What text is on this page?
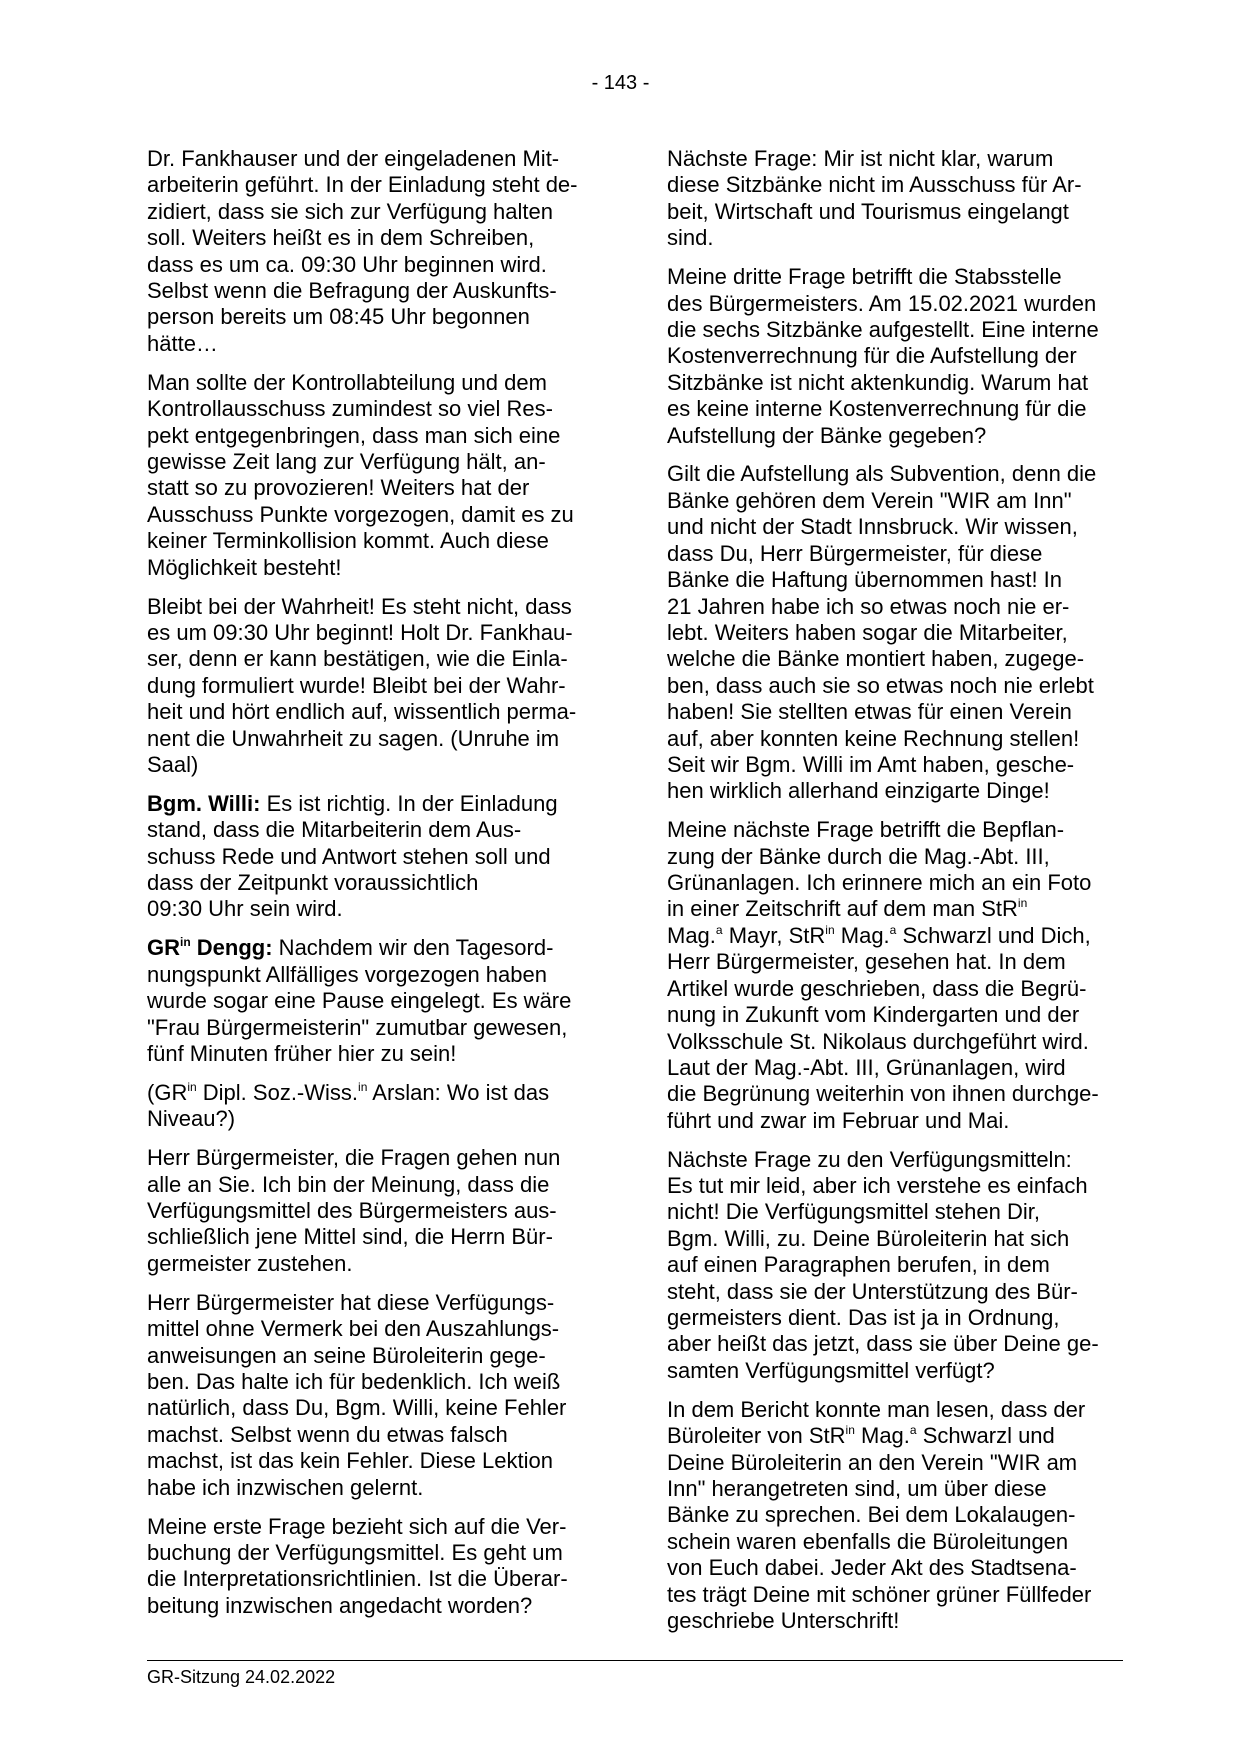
- 143 -

Dr. Fankhauser und der eingeladenen Mit-
arbeiterin geführt. In der Einladung steht de-
zidiert, dass sie sich zur Verfügung halten
soll. Weiters heißt es in dem Schreiben,
dass es um ca. 09:30 Uhr beginnen wird.
Selbst wenn die Befragung der Auskunfts-
person bereits um 08:45 Uhr begonnen
hätte…

Man sollte der Kontrollabteilung und dem
Kontrollausschuss zumindest so viel Res-
pekt entgegenbringen, dass man sich eine
gewisse Zeit lang zur Verfügung hält, an-
statt so zu provozieren! Weiters hat der
Ausschuss Punkte vorgezogen, damit es zu
keiner Terminkollision kommt. Auch diese
Möglichkeit besteht!

Bleibt bei der Wahrheit! Es steht nicht, dass
es um 09:30 Uhr beginnt! Holt Dr. Fankhau-
ser, denn er kann bestätigen, wie die Einla-
dung formuliert wurde! Bleibt bei der Wahr-
heit und hört endlich auf, wissentlich perma-
nent die Unwahrheit zu sagen. (Unruhe im
Saal)

Bgm. Willi: Es ist richtig. In der Einladung
stand, dass die Mitarbeiterin dem Aus-
schuss Rede und Antwort stehen soll und
dass der Zeitpunkt voraussichtlich
09:30 Uhr sein wird.

$GR^{in}$ Dengg: Nachdem wir den Tagesord-
nungspunkt Allfälliges vorgezogen haben
wurde sogar eine Pause eingelegt. Es wäre
"Frau Bürgermeisterin" zumutbar gewesen,
fünf Minuten früher hier zu sein!

($GR^{in}$ Dipl. Soz.-Wiss.$^{in}$ Arslan: Wo ist das
Niveau?)

Herr Bürgermeister, die Fragen gehen nun
alle an Sie. Ich bin der Meinung, dass die
Verfügungsmittel des Bürgermeisters aus-
schließlich jene Mittel sind, die Herrn Bür-
germeister zustehen.

Herr Bürgermeister hat diese Verfügungs-
mittel ohne Vermerk bei den Auszahlungs-
anweisungen an seine Büroleiterin gege-
ben. Das halte ich für bedenklich. Ich weiß
natürlich, dass Du, Bgm. Willi, keine Fehler
machst. Selbst wenn du etwas falsch
machst, ist das kein Fehler. Diese Lektion
habe ich inzwischen gelernt.

Meine erste Frage bezieht sich auf die Ver-
buchung der Verfügungsmittel. Es geht um
die Interpretationsrichtlinien. Ist die Überar-
beitung inzwischen angedacht worden?

Nächste Frage: Mir ist nicht klar, warum
diese Sitzbänke nicht im Ausschuss für Ar-
beit, Wirtschaft und Tourismus eingelangt
sind.

Meine dritte Frage betrifft die Stabsstelle
des Bürgermeisters. Am 15.02.2021 wurden
die sechs Sitzbänke aufgestellt. Eine interne
Kostenverrechnung für die Aufstellung der
Sitzbänke ist nicht aktenkundig. Warum hat
es keine interne Kostenverrechnung für die
Aufstellung der Bänke gegeben?

Gilt die Aufstellung als Subvention, denn die
Bänke gehören dem Verein "WIR am Inn"
und nicht der Stadt Innsbruck. Wir wissen,
dass Du, Herr Bürgermeister, für diese
Bänke die Haftung übernommen hast! In
21 Jahren habe ich so etwas noch nie er-
lebt. Weiters haben sogar die Mitarbeiter,
welche die Bänke montiert haben, zugege-
ben, dass auch sie so etwas noch nie erlebt
haben! Sie stellten etwas für einen Verein
auf, aber konnten keine Rechnung stellen!
Seit wir Bgm. Willi im Amt haben, gesche-
hen wirklich allerhand einzigarte Dinge!

Meine nächste Frage betrifft die Bepflan-
zung der Bänke durch die Mag.-Abt. III,
Grünanlagen. Ich erinnere mich an ein Foto
in einer Zeitschrift auf dem man StR$^{in}$
Mag.$^a$ Mayr, StR$^{in}$ Mag.$^a$ Schwarzl und Dich,
Herr Bürgermeister, gesehen hat. In dem
Artikel wurde geschrieben, dass die Begrü-
nung in Zukunft vom Kindergarten und der
Volksschule St. Nikolaus durchgeführt wird.
Laut der Mag.-Abt. III, Grünanlagen, wird
die Begrünung weiterhin von ihnen durchge-
führt und zwar im Februar und Mai.

Nächste Frage zu den Verfügungsmitteln:
Es tut mir leid, aber ich verstehe es einfach
nicht! Die Verfügungsmittel stehen Dir,
Bgm. Willi, zu. Deine Büroleiterin hat sich
auf einen Paragraphen berufen, in dem
steht, dass sie der Unterstützung des Bür-
germeisters dient. Das ist ja in Ordnung,
aber heißt das jetzt, dass sie über Deine ge-
samten Verfügungsmittel verfügt?

In dem Bericht konnte man lesen, dass der
Büroleiter von StR$^{in}$ Mag.$^a$ Schwarzl und
Deine Büroleiterin an den Verein "WIR am
Inn" herangetreten sind, um über diese
Bänke zu sprechen. Bei dem Lokalaugen-
schein waren ebenfalls die Büroleitungen
von Euch dabei. Jeder Akt des Stadtsena-
tes trägt Deine mit schöner grüner Füllfeder
geschriebe Unterschrift!

GR-Sitzung 24.02.2022
